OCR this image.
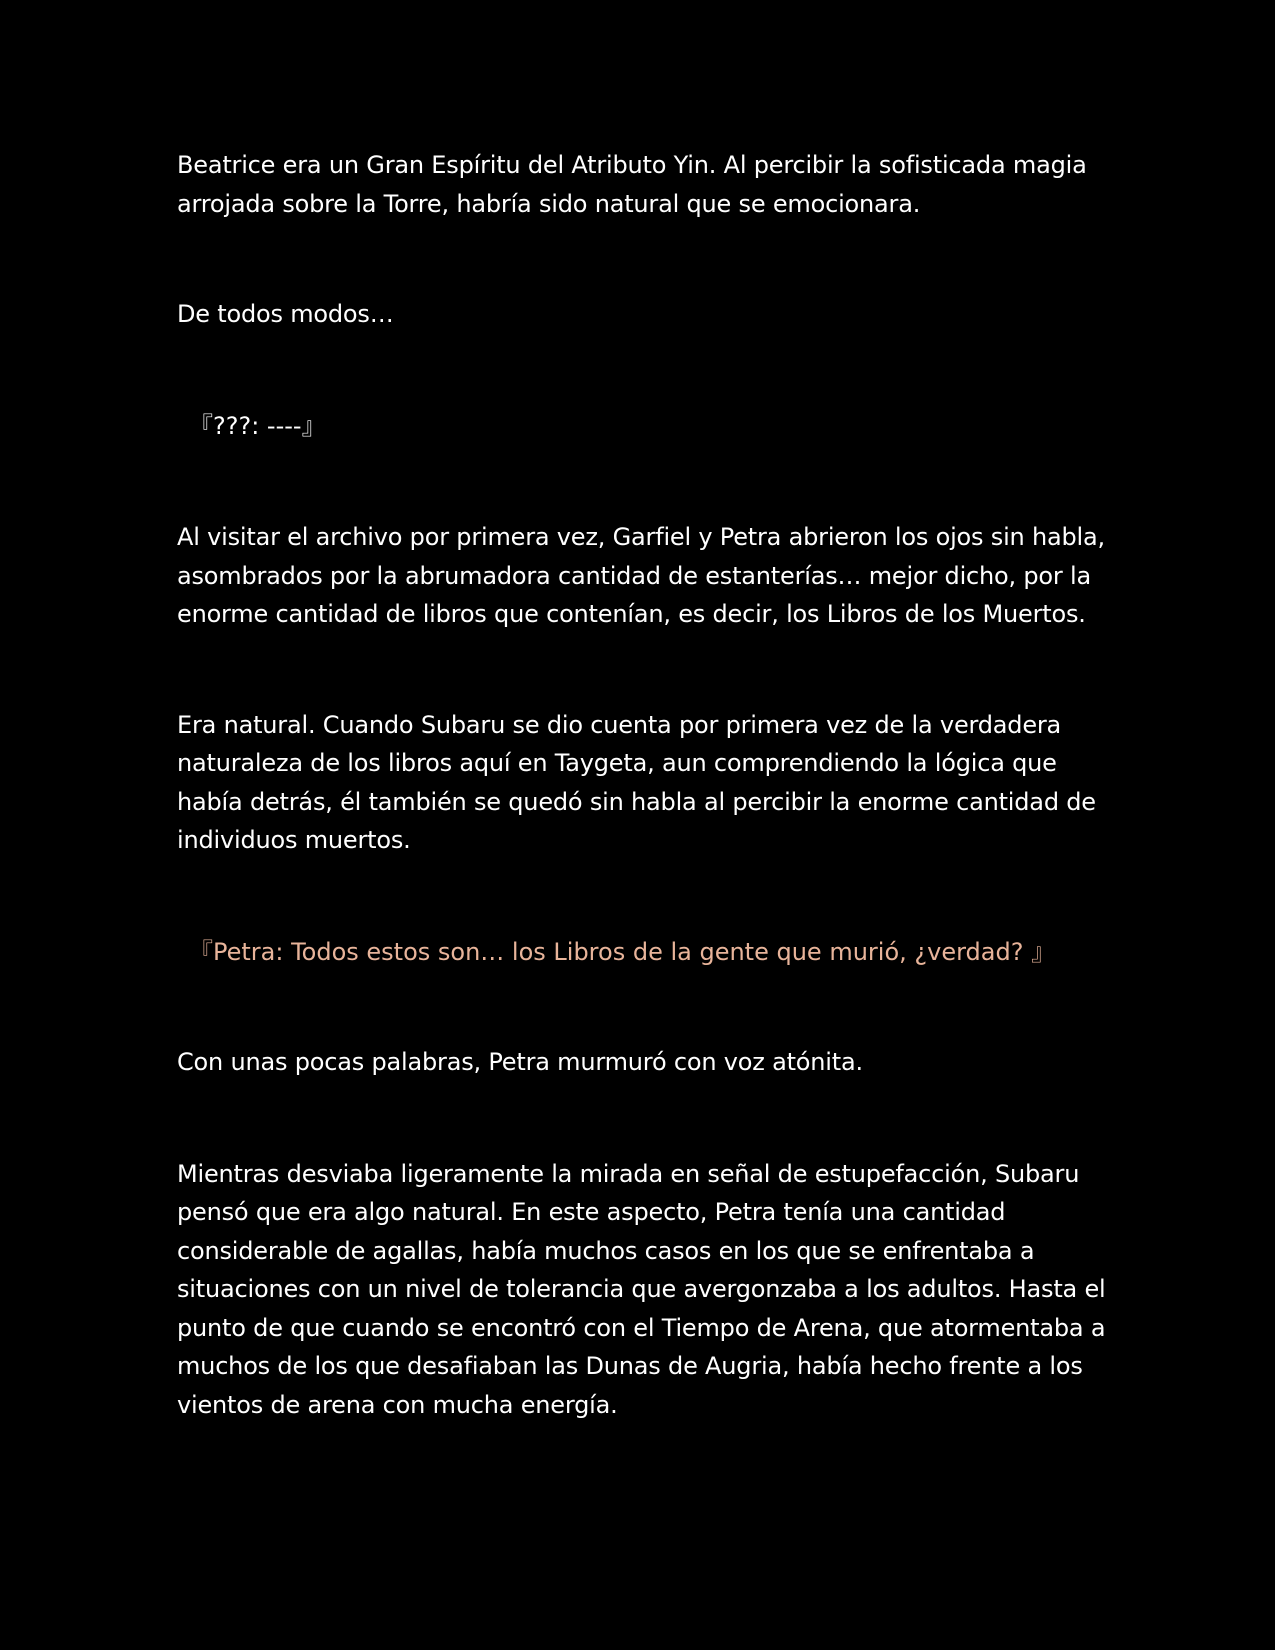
Beatrice era un Gran Espíritu del Atributo Yin. Al percibir la sofisticada magia arrojada sobre la Torre, habría sido natural que se emocionara.

De todos modos…

『???: ----』

Al visitar el archivo por primera vez, Garfiel y Petra abrieron los ojos sin habla, asombrados por la abrumadora cantidad de estanterías… mejor dicho, por la enorme cantidad de libros que contenían, es decir, los Libros de los Muertos.

Era natural. Cuando Subaru se dio cuenta por primera vez de la verdadera naturaleza de los libros aquí en Taygeta, aun comprendiendo la lógica que había detrás, él también se quedó sin habla al percibir la enorme cantidad de individuos muertos.

『Petra: Todos estos son… los Libros de la gente que murió, ¿verdad? 』

Con unas pocas palabras, Petra murmuró con voz atónita.

Mientras desviaba ligeramente la mirada en señal de estupefacción, Subaru pensó que era algo natural. En este aspecto, Petra tenía una cantidad considerable de agallas, había muchos casos en los que se enfrentaba a situaciones con un nivel de tolerancia que avergonzaba a los adultos. Hasta el punto de que cuando se encontró con el Tiempo de Arena, que atormentaba a muchos de los que desafiaban las Dunas de Augria, había hecho frente a los vientos de arena con mucha energía.
